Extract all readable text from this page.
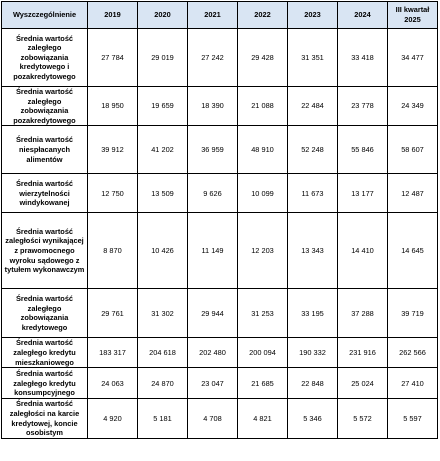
Wyszczególnienie	2019	2020	2021	2022	2023	2024	III kwartał 2025
Średnia wartość zaległego zobowiązania kredytowego i pozakredytowego	27 784	29 019	27 242	29 428	31 351	33 418	34 477
Średnia wartość zaległego zobowiązania pozakredytowego	18 950	19 659	18 390	21 088	22 484	23 778	24 349
Średnia wartość niespłacanych alimentów	39 912	41 202	36 959	48 910	52 248	55 846	58 607
Średnia wartość wierzytelności windykowanej	12 750	13 509	9 626	10 099	11 673	13 177	12 487
Średnia wartość zaległości wynikającej z prawomocnego wyroku sądowego z tytułem wykonawczym	8 870	10 426	11 149	12 203	13 343	14 410	14 645
Średnia wartość zaległego zobowiązania kredytowego	29 761	31 302	29 944	31 253	33 195	37 288	39 719
Średnia wartość zaległego kredytu mieszkaniowego	183 317	204 618	202 480	200 094	190 332	231 916	262 566
Średnia wartość zaległego kredytu konsumpcyjnego	24 063	24 870	23 047	21 685	22 848	25 024	27 410
Średnia wartość zaległości na karcie kredytowej, koncie osobistym	4 920	5 181	4 708	4 821	5 346	5 572	5 597
